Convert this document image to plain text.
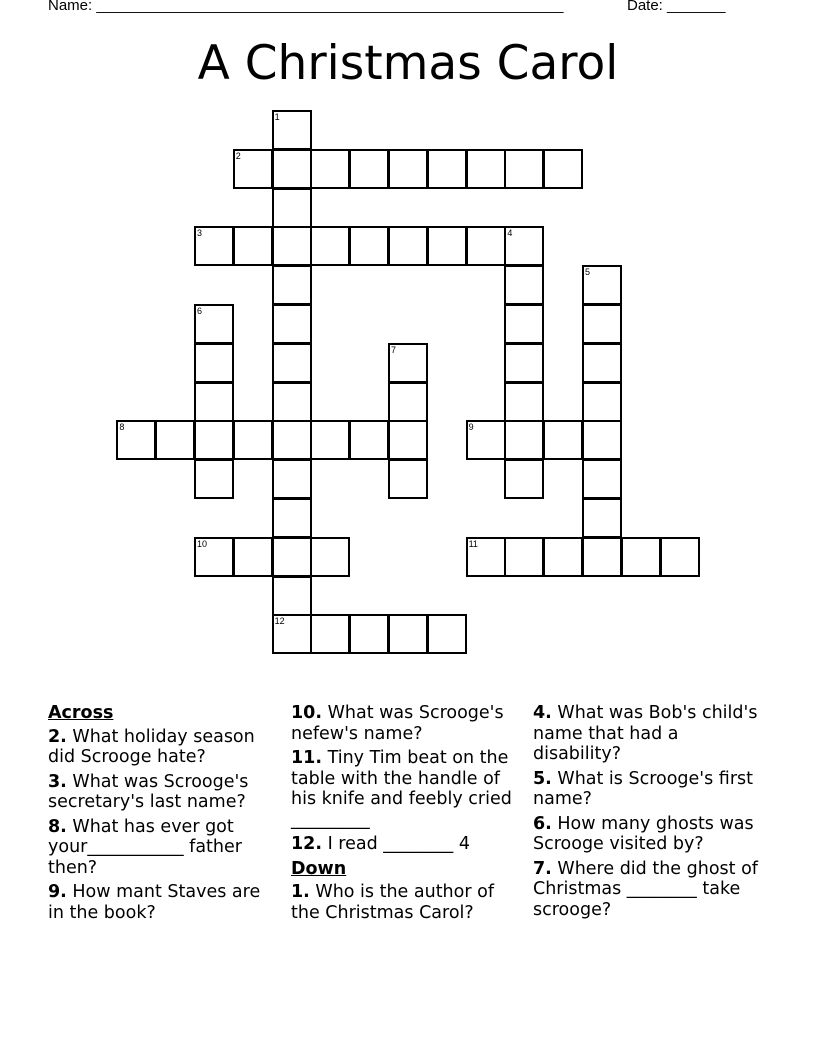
Name: ________________________________________________________	Date: _______
A Christmas Carol
2
3	4
8	9
10	11
12
1
5
6
7
Across
2. What holiday season did Scrooge hate?
3. What was Scrooge's secretary's last name?
8. What has ever got your___________ father then?
9. How mant Staves are in the book?
10. What was Scrooge's nefew's name?
11. Tiny Tim beat on the table with the handle of his knife and feebly cried _________
12. I read ________ 4
Down
1. Who is the author of the Christmas Carol?
4. What was Bob's child's name that had a disability?
5. What is Scrooge's first name?
6. How many ghosts was Scrooge visited by?
7. Where did the ghost of Christmas ________ take scrooge?
